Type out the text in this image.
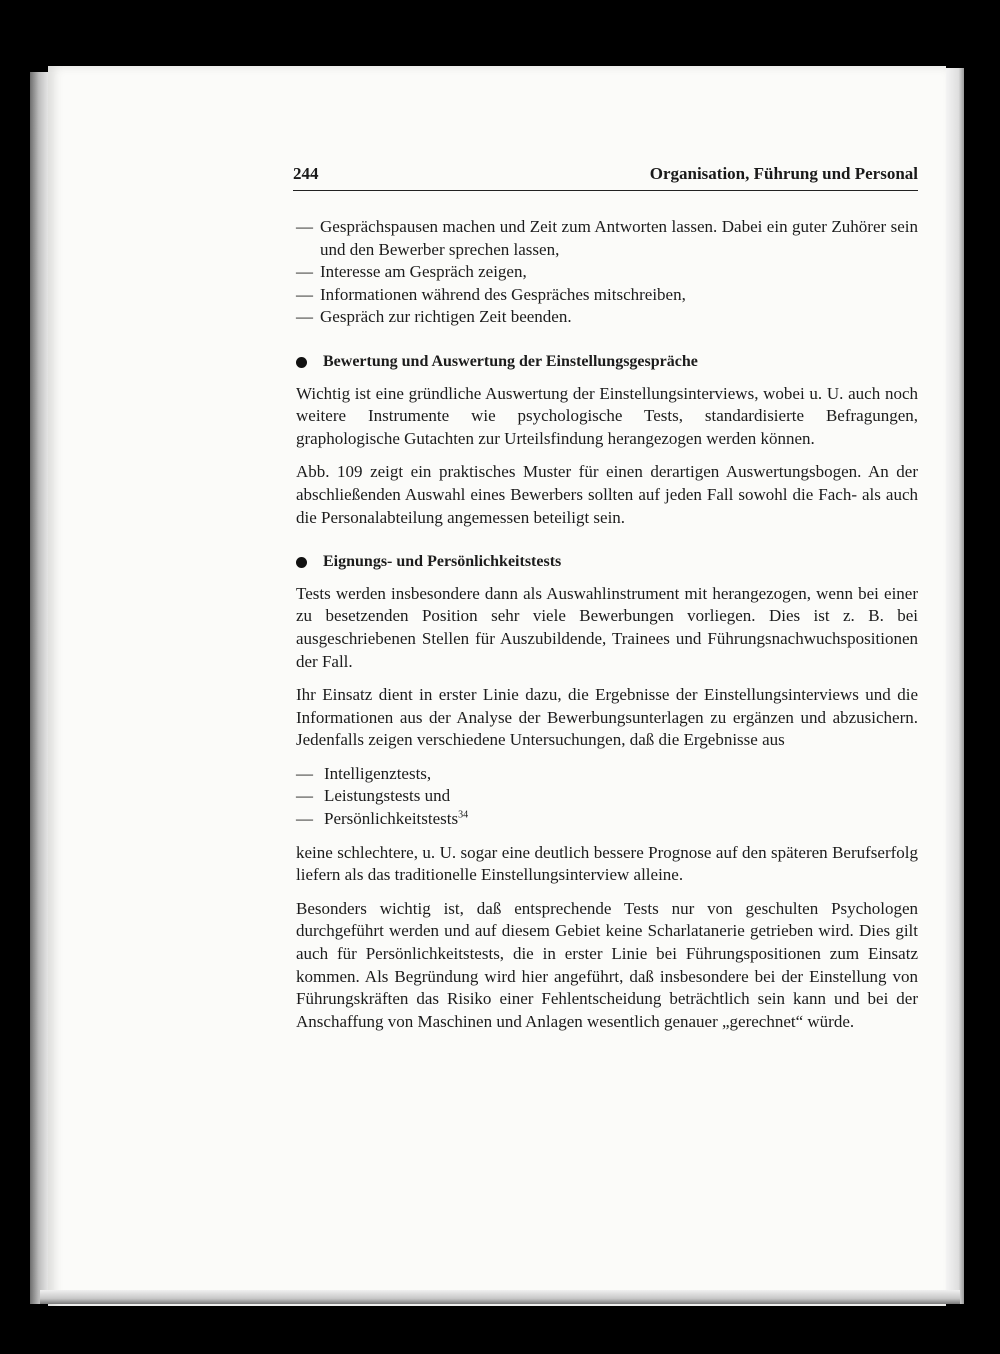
244	Organisation, Führung und Personal
— Gesprächspausen machen und Zeit zum Antworten lassen. Dabei ein guter Zuhörer sein und den Bewerber sprechen lassen,
— Interesse am Gespräch zeigen,
— Informationen während des Gespräches mitschreiben,
— Gespräch zur richtigen Zeit beenden.
Bewertung und Auswertung der Einstellungsgespräche

Wichtig ist eine gründliche Auswertung der Einstellungsinterviews, wobei u. U. auch noch weitere Instrumente wie psychologische Tests, standardisierte Befragungen, graphologische Gutachten zur Urteilsfindung herangezogen werden können.

Abb. 109 zeigt ein praktisches Muster für einen derartigen Auswertungsbogen. An der abschließenden Auswahl eines Bewerbers sollten auf jeden Fall sowohl die Fach- als auch die Personalabteilung angemessen beteiligt sein.

Eignungs- und Persönlichkeitstests

Tests werden insbesondere dann als Auswahlinstrument mit herangezogen, wenn bei einer zu besetzenden Position sehr viele Bewerbungen vorliegen. Dies ist z. B. bei ausgeschriebenen Stellen für Auszubildende, Trainees und Führungsnachwuchspositionen der Fall.

Ihr Einsatz dient in erster Linie dazu, die Ergebnisse der Einstellungsinterviews und die Informationen aus der Analyse der Bewerbungsunterlagen zu ergänzen und abzusichern. Jedenfalls zeigen verschiedene Untersuchungen, daß die Ergebnisse aus

— Intelligenztests,
— Leistungstests und
— Persönlichkeitstests$^{34}$

keine schlechtere, u. U. sogar eine deutlich bessere Prognose auf den späteren Berufserfolg liefern als das traditionelle Einstellungsinterview alleine.

Besonders wichtig ist, daß entsprechende Tests nur von geschulten Psychologen durchgeführt werden und auf diesem Gebiet keine Scharlatanerie getrieben wird. Dies gilt auch für Persönlichkeitstests, die in erster Linie bei Führungspositionen zum Einsatz kommen. Als Begründung wird hier angeführt, daß insbesondere bei der Einstellung von Führungskräften das Risiko einer Fehlentscheidung beträchtlich sein kann und bei der Anschaffung von Maschinen und Anlagen wesentlich genauer „gerechnet“ würde.
